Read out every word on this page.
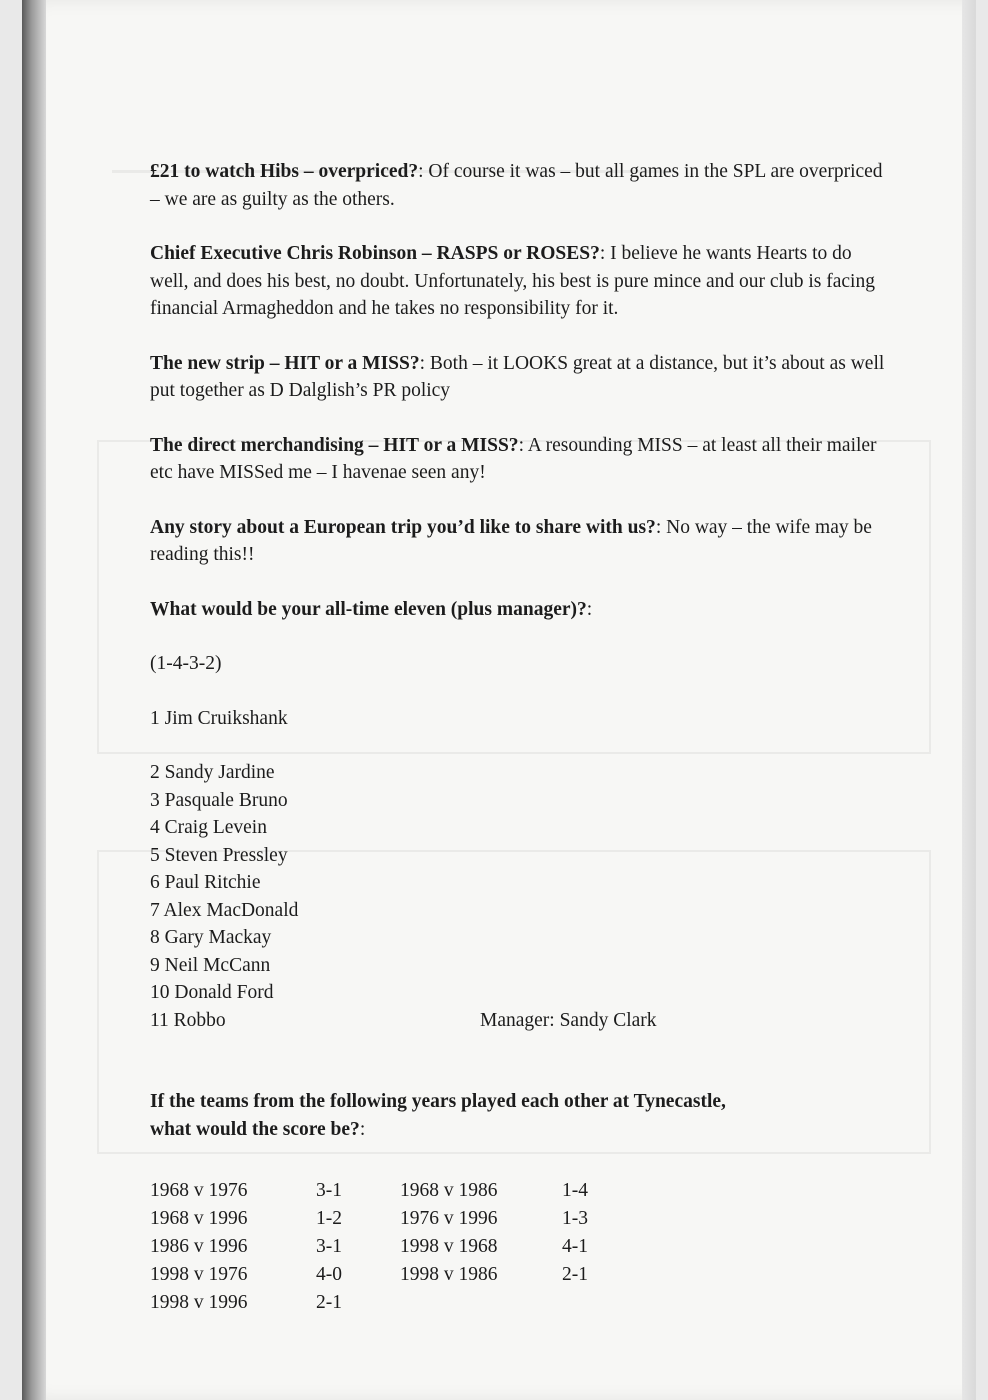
£21 to watch Hibs – overpriced?: Of course it was – but all games in the SPL are overpriced – we are as guilty as the others.

Chief Executive Chris Robinson – RASPS or ROSES?: I believe he wants Hearts to do well, and does his best, no doubt. Unfortunately, his best is pure mince and our club is facing financial Armagheddon and he takes no responsibility for it.

The new strip – HIT or a MISS?: Both – it LOOKS great at a distance, but it’s about as well put together as D Dalglish’s PR policy

The direct merchandising – HIT or a MISS?: A resounding MISS – at least all their mailer etc have MISSed me – I havenae seen any!

Any story about a European trip you’d like to share with us?: No way – the wife may be reading this!!

What would be your all-time eleven (plus manager)?:

(1-4-3-2)

1 Jim Cruikshank

2 Sandy Jardine

3 Pasquale Bruno

4 Craig Levein

5 Steven Pressley

6 Paul Ritchie

7 Alex MacDonald

8 Gary Mackay

9 Neil McCann

10 Donald Ford

11 Robbo	Manager: Sandy Clark

If the teams from the following years played each other at Tynecastle,

what would the score be?:

1968 v 1976	3-1	1968 v 1986	1-4
1968 v 1996	1-2	1976 v 1996	1-3
1986 v 1996	3-1	1998 v 1968	4-1
1998 v 1976	4-0	1998 v 1986	2-1
1998 v 1996	2-1
